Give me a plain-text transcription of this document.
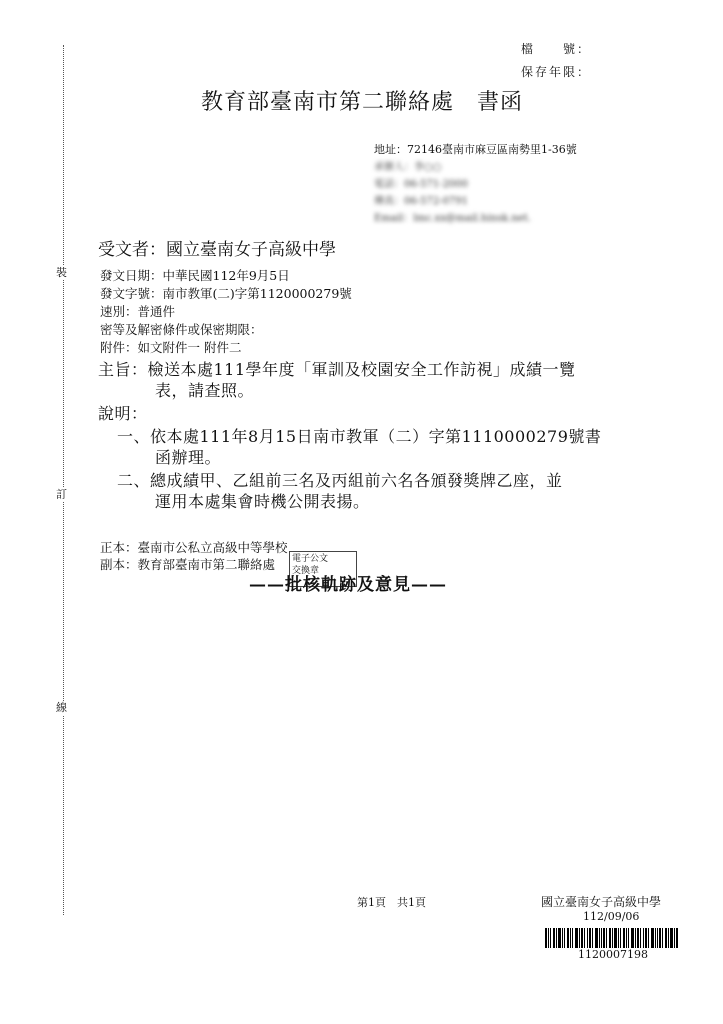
裝
訂
線
檔　　號：
保存年限：
教育部臺南市第二聯絡處　書函
地址：72146臺南市麻豆區南勢里1-36號
承辦人：李○○
電話：06-571-2000
傳真：06-572-0791
Email：lmc.xx@mail.hinsk.net.
受文者：國立臺南女子高級中學
發文日期：中華民國112年9月5日
發文字號：南市教軍(二)字第1120000279號
速別：普通件
密等及解密條件或保密期限：
附件：如文附件一 附件二
主旨：檢送本處111學年度「軍訓及校園安全工作訪視」成績一覽
表，請查照。
說明：
一、依本處111年8月15日南市教軍（二）字第1110000279號書
函辦理。
二、總成績甲、乙組前三名及丙組前六名各頒發獎牌乙座，並
運用本處集會時機公開表揚。
正本：臺南市公私立高級中等學校
副本：教育部臺南市第二聯絡處 電子公文
交換章
——批核軌跡及意見——
第1頁　共1頁	國立臺南女子高級中學
112/09/06
1120007198
